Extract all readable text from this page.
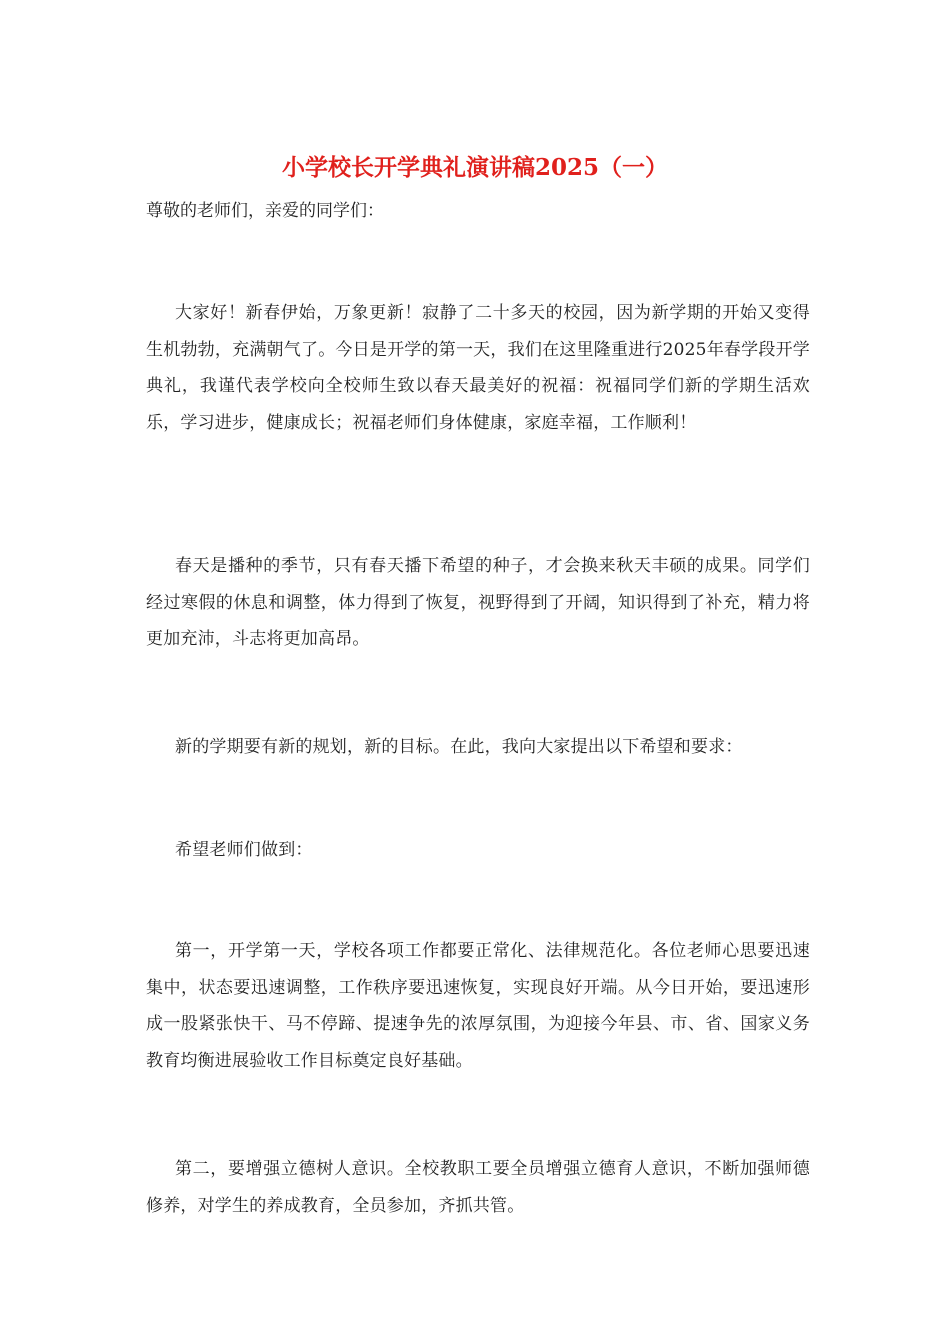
小学校长开学典礼演讲稿2025（一）

尊敬的老师们，亲爱的同学们：

大家好！新春伊始，万象更新！寂静了二十多天的校园，因为新学期的开始又变得生机勃勃，充满朝气了。今日是开学的第一天，我们在这里隆重进行2025年春学段开学典礼，我谨代表学校向全校师生致以春天最美好的祝福：祝福同学们新的学期生活欢乐，学习进步，健康成长；祝福老师们身体健康，家庭幸福，工作顺利！

春天是播种的季节，只有春天播下希望的种子，才会换来秋天丰硕的成果。同学们经过寒假的休息和调整，体力得到了恢复，视野得到了开阔，知识得到了补充，精力将更加充沛，斗志将更加高昂。

新的学期要有新的规划，新的目标。在此，我向大家提出以下希望和要求：

希望老师们做到：

第一，开学第一天，学校各项工作都要正常化、法律规范化。各位老师心思要迅速集中，状态要迅速调整，工作秩序要迅速恢复，实现良好开端。从今日开始，要迅速形成一股紧张快干、马不停蹄、提速争先的浓厚氛围，为迎接今年县、市、省、国家义务教育均衡进展验收工作目标奠定良好基础。

第二，要增强立德树人意识。全校教职工要全员增强立德育人意识，不断加强师德修养，对学生的养成教育，全员参加，齐抓共管。
